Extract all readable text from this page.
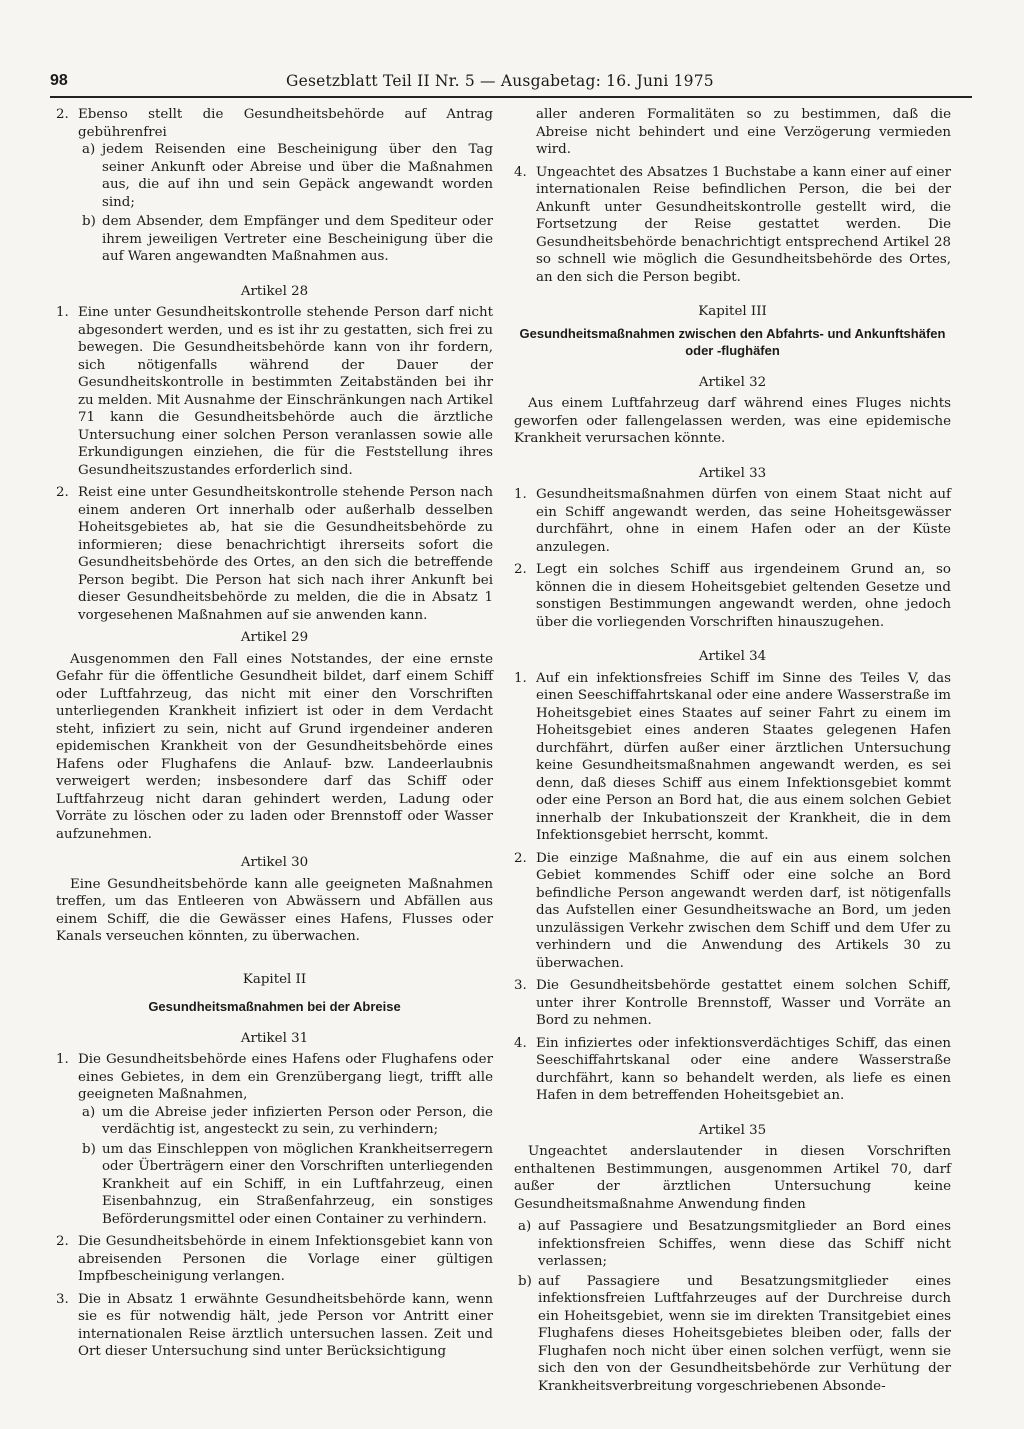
98	Gesetzblatt Teil II Nr. 5 — Ausgabetag: 16. Juni 1975
2. Ebenso stellt die Gesundheitsbehörde auf Antrag gebührenfrei
a) jedem Reisenden eine Bescheinigung über den Tag seiner Ankunft oder Abreise und über die Maßnahmen aus, die auf ihn und sein Gepäck angewandt worden sind;
b) dem Absender, dem Empfänger und dem Spediteur oder ihrem jeweiligen Vertreter eine Bescheinigung über die auf Waren angewandten Maßnahmen aus.
Artikel 28
1. Eine unter Gesundheitskontrolle stehende Person darf nicht abgesondert werden, und es ist ihr zu gestatten, sich frei zu bewegen. Die Gesundheitsbehörde kann von ihr fordern, sich nötigenfalls während der Dauer der Gesundheitskontrolle in bestimmten Zeitabständen bei ihr zu melden. Mit Ausnahme der Einschränkungen nach Artikel 71 kann die Gesundheitsbehörde auch die ärztliche Untersuchung einer solchen Person veranlassen sowie alle Erkundigungen einziehen, die für die Feststellung ihres Gesundheitszustandes erforderlich sind.
2. Reist eine unter Gesundheitskontrolle stehende Person nach einem anderen Ort innerhalb oder außerhalb desselben Hoheitsgebietes ab, hat sie die Gesundheitsbehörde zu informieren; diese benachrichtigt ihrerseits sofort die Gesundheitsbehörde des Ortes, an den sich die betreffende Person begibt. Die Person hat sich nach ihrer Ankunft bei dieser Gesundheitsbehörde zu melden, die die in Absatz 1 vorgesehenen Maßnahmen auf sie anwenden kann.
Artikel 29
Ausgenommen den Fall eines Notstandes, der eine ernste Gefahr für die öffentliche Gesundheit bildet, darf einem Schiff oder Luftfahrzeug, das nicht mit einer den Vorschriften unterliegenden Krankheit infiziert ist oder in dem Verdacht steht, infiziert zu sein, nicht auf Grund irgendeiner anderen epidemischen Krankheit von der Gesundheitsbehörde eines Hafens oder Flughafens die Anlauf- bzw. Landeerlaubnis verweigert werden; insbesondere darf das Schiff oder Luftfahrzeug nicht daran gehindert werden, Ladung oder Vorräte zu löschen oder zu laden oder Brennstoff oder Wasser aufzunehmen.
Artikel 30
Eine Gesundheitsbehörde kann alle geeigneten Maßnahmen treffen, um das Entleeren von Abwässern und Abfällen aus einem Schiff, die die Gewässer eines Hafens, Flusses oder Kanals verseuchen könnten, zu überwachen.
Kapitel II
Gesundheitsmaßnahmen bei der Abreise
Artikel 31
1. Die Gesundheitsbehörde eines Hafens oder Flughafens oder eines Gebietes, in dem ein Grenzübergang liegt, trifft alle geeigneten Maßnahmen,
a) um die Abreise jeder infizierten Person oder Person, die verdächtig ist, angesteckt zu sein, zu verhindern;
b) um das Einschleppen von möglichen Krankheitserregern oder Überträgern einer den Vorschriften unterliegenden Krankheit auf ein Schiff, in ein Luftfahrzeug, einen Eisenbahnzug, ein Straßenfahrzeug, ein sonstiges Beförderungsmittel oder einen Container zu verhindern.
2. Die Gesundheitsbehörde in einem Infektionsgebiet kann von abreisenden Personen die Vorlage einer gültigen Impfbescheinigung verlangen.
3. Die in Absatz 1 erwähnte Gesundheitsbehörde kann, wenn sie es für notwendig hält, jede Person vor Antritt einer internationalen Reise ärztlich untersuchen lassen. Zeit und Ort dieser Untersuchung sind unter Berücksichtigung
aller anderen Formalitäten so zu bestimmen, daß die Abreise nicht behindert und eine Verzögerung vermieden wird.
4. Ungeachtet des Absatzes 1 Buchstabe a kann einer auf einer internationalen Reise befindlichen Person, die bei der Ankunft unter Gesundheitskontrolle gestellt wird, die Fortsetzung der Reise gestattet werden. Die Gesundheitsbehörde benachrichtigt entsprechend Artikel 28 so schnell wie möglich die Gesundheitsbehörde des Ortes, an den sich die Person begibt.
Kapitel III
Gesundheitsmaßnahmen zwischen den Abfahrts- und Ankunftshäfen oder -flughäfen
Artikel 32
Aus einem Luftfahrzeug darf während eines Fluges nichts geworfen oder fallengelassen werden, was eine epidemische Krankheit verursachen könnte.
Artikel 33
1. Gesundheitsmaßnahmen dürfen von einem Staat nicht auf ein Schiff angewandt werden, das seine Hoheitsgewässer durchfährt, ohne in einem Hafen oder an der Küste anzulegen.
2. Legt ein solches Schiff aus irgendeinem Grund an, so können die in diesem Hoheitsgebiet geltenden Gesetze und sonstigen Bestimmungen angewandt werden, ohne jedoch über die vorliegenden Vorschriften hinauszugehen.
Artikel 34
1. Auf ein infektionsfreies Schiff im Sinne des Teiles V, das einen Seeschiffahrtskanal oder eine andere Wasserstraße im Hoheitsgebiet eines Staates auf seiner Fahrt zu einem im Hoheitsgebiet eines anderen Staates gelegenen Hafen durchfährt, dürfen außer einer ärztlichen Untersuchung keine Gesundheitsmaßnahmen angewandt werden, es sei denn, daß dieses Schiff aus einem Infektionsgebiet kommt oder eine Person an Bord hat, die aus einem solchen Gebiet innerhalb der Inkubationszeit der Krankheit, die in dem Infektionsgebiet herrscht, kommt.
2. Die einzige Maßnahme, die auf ein aus einem solchen Gebiet kommendes Schiff oder eine solche an Bord befindliche Person angewandt werden darf, ist nötigenfalls das Aufstellen einer Gesundheitswache an Bord, um jeden unzulässigen Verkehr zwischen dem Schiff und dem Ufer zu verhindern und die Anwendung des Artikels 30 zu überwachen.
3. Die Gesundheitsbehörde gestattet einem solchen Schiff, unter ihrer Kontrolle Brennstoff, Wasser und Vorräte an Bord zu nehmen.
4. Ein infiziertes oder infektionsverdächtiges Schiff, das einen Seeschiffahrtskanal oder eine andere Wasserstraße durchfährt, kann so behandelt werden, als liefe es einen Hafen in dem betreffenden Hoheitsgebiet an.
Artikel 35
Ungeachtet anderslautender in diesen Vorschriften enthaltenen Bestimmungen, ausgenommen Artikel 70, darf außer der ärztlichen Untersuchung keine Gesundheitsmaßnahme Anwendung finden
a) auf Passagiere und Besatzungsmitglieder an Bord eines infektionsfreien Schiffes, wenn diese das Schiff nicht verlassen;
b) auf Passagiere und Besatzungsmitglieder eines infektionsfreien Luftfahrzeuges auf der Durchreise durch ein Hoheitsgebiet, wenn sie im direkten Transitgebiet eines Flughafens dieses Hoheitsgebietes bleiben oder, falls der Flughafen noch nicht über einen solchen verfügt, wenn sie sich den von der Gesundheitsbehörde zur Verhütung der Krankheitsverbreitung vorgeschriebenen Absonde-
